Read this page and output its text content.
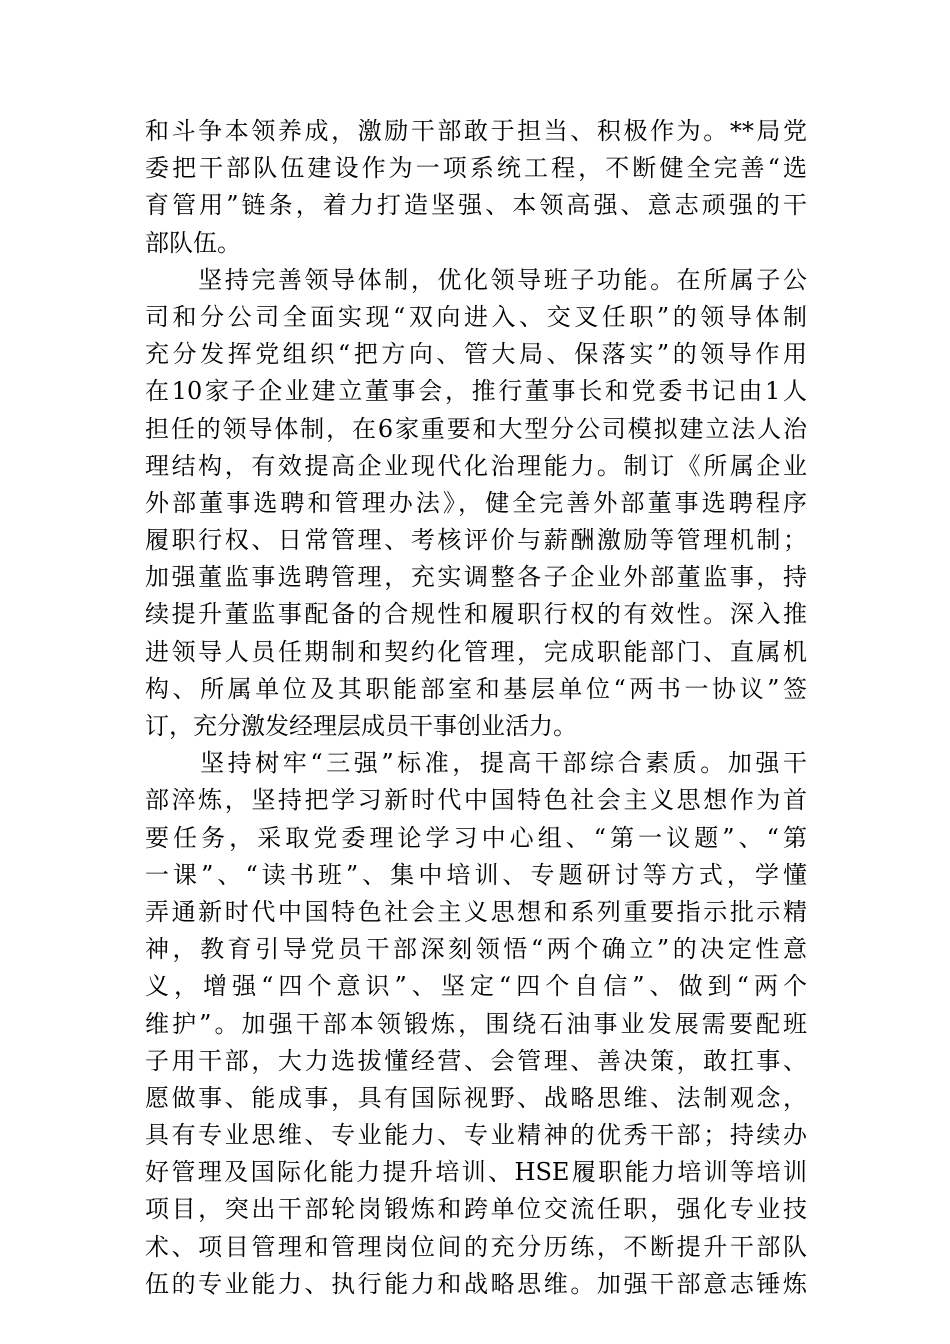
和斗争本领养成，激励干部敢于担当、积极作为。**局党
委把干部队伍建设作为一项系统工程，不断健全完善“选
育管用”链条，着力打造坚强、本领高强、意志顽强的干
部队伍。
　　坚持完善领导体制，优化领导班子功能。在所属子公
司和分公司全面实现“双向进入、交叉任职”的领导体制
充分发挥党组织“把方向、管大局、保落实”的领导作用
在10家子企业建立董事会，推行董事长和党委书记由1人
担任的领导体制，在6家重要和大型分公司模拟建立法人治
理结构，有效提高企业现代化治理能力。制订《所属企业
外部董事选聘和管理办法》，健全完善外部董事选聘程序
履职行权、日常管理、考核评价与薪酬激励等管理机制；
加强董监事选聘管理，充实调整各子企业外部董监事，持
续提升董监事配备的合规性和履职行权的有效性。深入推
进领导人员任期制和契约化管理，完成职能部门、直属机
构、所属单位及其职能部室和基层单位“两书一协议”签
订，充分激发经理层成员干事创业活力。
　　坚持树牢“三强”标准，提高干部综合素质。加强干
部淬炼，坚持把学习新时代中国特色社会主义思想作为首
要任务，采取党委理论学习中心组、“第一议题”、“第
一课”、“读书班”、集中培训、专题研讨等方式，学懂
弄通新时代中国特色社会主义思想和系列重要指示批示精
神，教育引导党员干部深刻领悟“两个确立”的决定性意
义，增强“四个意识”、坚定“四个自信”、做到“两个
维护”。加强干部本领锻炼，围绕石油事业发展需要配班
子用干部，大力选拔懂经营、会管理、善决策，敢扛事、
愿做事、能成事，具有国际视野、战略思维、法制观念，
具有专业思维、专业能力、专业精神的优秀干部；持续办
好管理及国际化能力提升培训、HSE履职能力培训等培训
项目，突出干部轮岗锻炼和跨单位交流任职，强化专业技
术、项目管理和管理岗位间的充分历练，不断提升干部队
伍的专业能力、执行能力和战略思维。加强干部意志锤炼
